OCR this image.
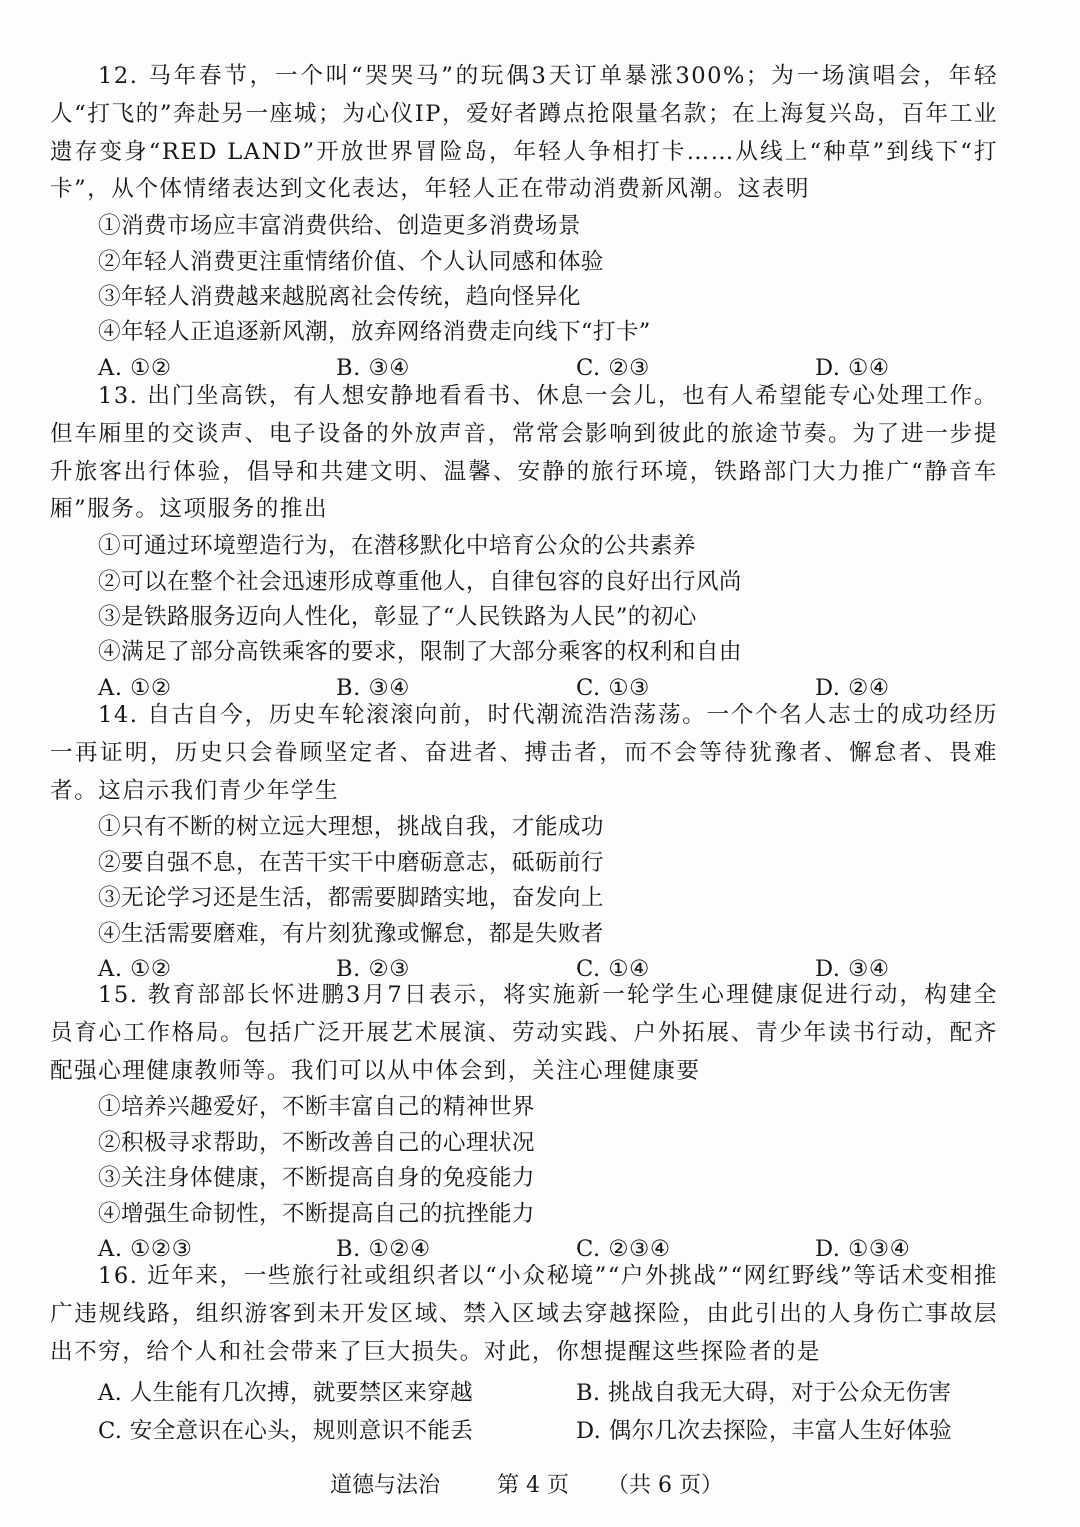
12. 马年春节，一个叫“哭哭马”的玩偶3天订单暴涨300%；为一场演唱会，年轻人“打飞的”奔赴另一座城；为心仪IP，爱好者蹲点抢限量名款；在上海复兴岛，百年工业遗存变身“RED LAND”开放世界冒险岛，年轻人争相打卡……从线上“种草”到线下“打卡”，从个体情绪表达到文化表达，年轻人正在带动消费新风潮。这表明

①消费市场应丰富消费供给、创造更多消费场景
②年轻人消费更注重情绪价值、个人认同感和体验
③年轻人消费越来越脱离社会传统，趋向怪异化
④年轻人正追逐新风潮，放弃网络消费走向线下“打卡”
A. ①②	B. ③④	C. ②③	D. ①④

13. 出门坐高铁，有人想安静地看看书、休息一会儿，也有人希望能专心处理工作。但车厢里的交谈声、电子设备的外放声音，常常会影响到彼此的旅途节奏。为了进一步提升旅客出行体验，倡导和共建文明、温馨、安静的旅行环境，铁路部门大力推广“静音车厢”服务。这项服务的推出

①可通过环境塑造行为，在潜移默化中培育公众的公共素养
②可以在整个社会迅速形成尊重他人，自律包容的良好出行风尚
③是铁路服务迈向人性化，彰显了“人民铁路为人民”的初心
④满足了部分高铁乘客的要求，限制了大部分乘客的权利和自由
A. ①②	B. ③④	C. ①③	D. ②④

14. 自古自今，历史车轮滚滚向前，时代潮流浩浩荡荡。一个个名人志士的成功经历一再证明，历史只会眷顾坚定者、奋进者、搏击者，而不会等待犹豫者、懈怠者、畏难者。这启示我们青少年学生

①只有不断的树立远大理想，挑战自我，才能成功
②要自强不息，在苦干实干中磨砺意志，砥砺前行
③无论学习还是生活，都需要脚踏实地，奋发向上
④生活需要磨难，有片刻犹豫或懈怠，都是失败者
A. ①②	B. ②③	C. ①④	D. ③④

15. 教育部部长怀进鹏3月7日表示，将实施新一轮学生心理健康促进行动，构建全员育心工作格局。包括广泛开展艺术展演、劳动实践、户外拓展、青少年读书行动，配齐配强心理健康教师等。我们可以从中体会到，关注心理健康要

①培养兴趣爱好，不断丰富自己的精神世界
②积极寻求帮助，不断改善自己的心理状况
③关注身体健康，不断提高自身的免疫能力
④增强生命韧性，不断提高自己的抗挫能力
A. ①②③	B. ①②④	C. ②③④	D. ①③④

16. 近年来，一些旅行社或组织者以“小众秘境”“户外挑战”“网红野线”等话术变相推广违规线路，组织游客到未开发区域、禁入区域去穿越探险，由此引出的人身伤亡事故层出不穷，给个人和社会带来了巨大损失。对此，你想提醒这些探险者的是

A. 人生能有几次搏，就要禁区来穿越	B. 挑战自我无大碍，对于公众无伤害
C. 安全意识在心头，规则意识不能丢	D. 偶尔几次去探险，丰富人生好体验
道德与法治	第 4 页 （共 6 页）
